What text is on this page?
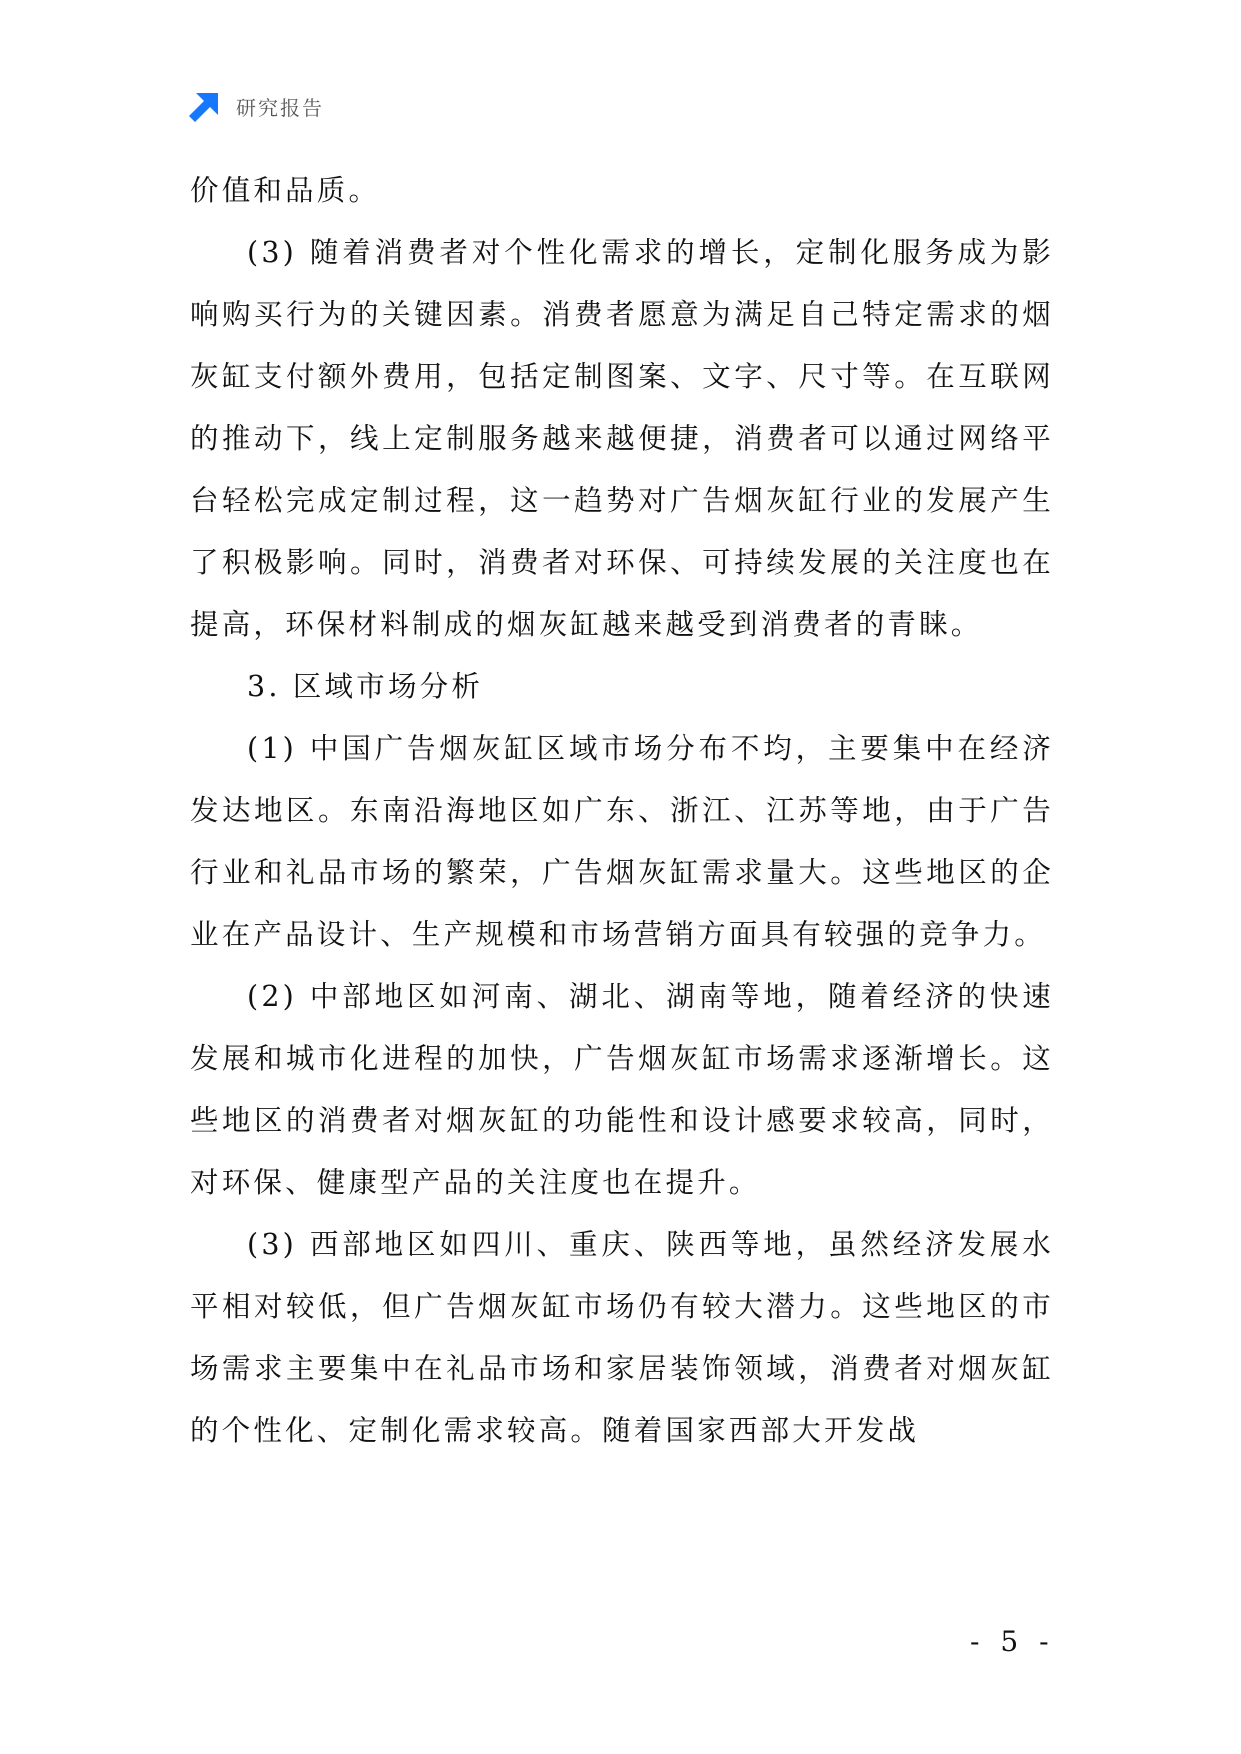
研究报告

价值和品质。

(3) 随着消费者对个性化需求的增长，定制化服务成为影响购买行为的关键因素。消费者愿意为满足自己特定需求的烟灰缸支付额外费用，包括定制图案、文字、尺寸等。在互联网的推动下，线上定制服务越来越便捷，消费者可以通过网络平台轻松完成定制过程，这一趋势对广告烟灰缸行业的发展产生了积极影响。同时，消费者对环保、可持续发展的关注度也在提高，环保材料制成的烟灰缸越来越受到消费者的青睐。

3. 区域市场分析

(1) 中国广告烟灰缸区域市场分布不均，主要集中在经济发达地区。东南沿海地区如广东、浙江、江苏等地，由于广告行业和礼品市场的繁荣，广告烟灰缸需求量大。这些地区的企业在产品设计、生产规模和市场营销方面具有较强的竞争力。

(2) 中部地区如河南、湖北、湖南等地，随着经济的快速发展和城市化进程的加快，广告烟灰缸市场需求逐渐增长。这些地区的消费者对烟灰缸的功能性和设计感要求较高，同时，对环保、健康型产品的关注度也在提升。

(3) 西部地区如四川、重庆、陕西等地，虽然经济发展水平相对较低，但广告烟灰缸市场仍有较大潜力。这些地区的市场需求主要集中在礼品市场和家居装饰领域，消费者对烟灰缸的个性化、定制化需求较高。随着国家西部大开发战

- 5 -
